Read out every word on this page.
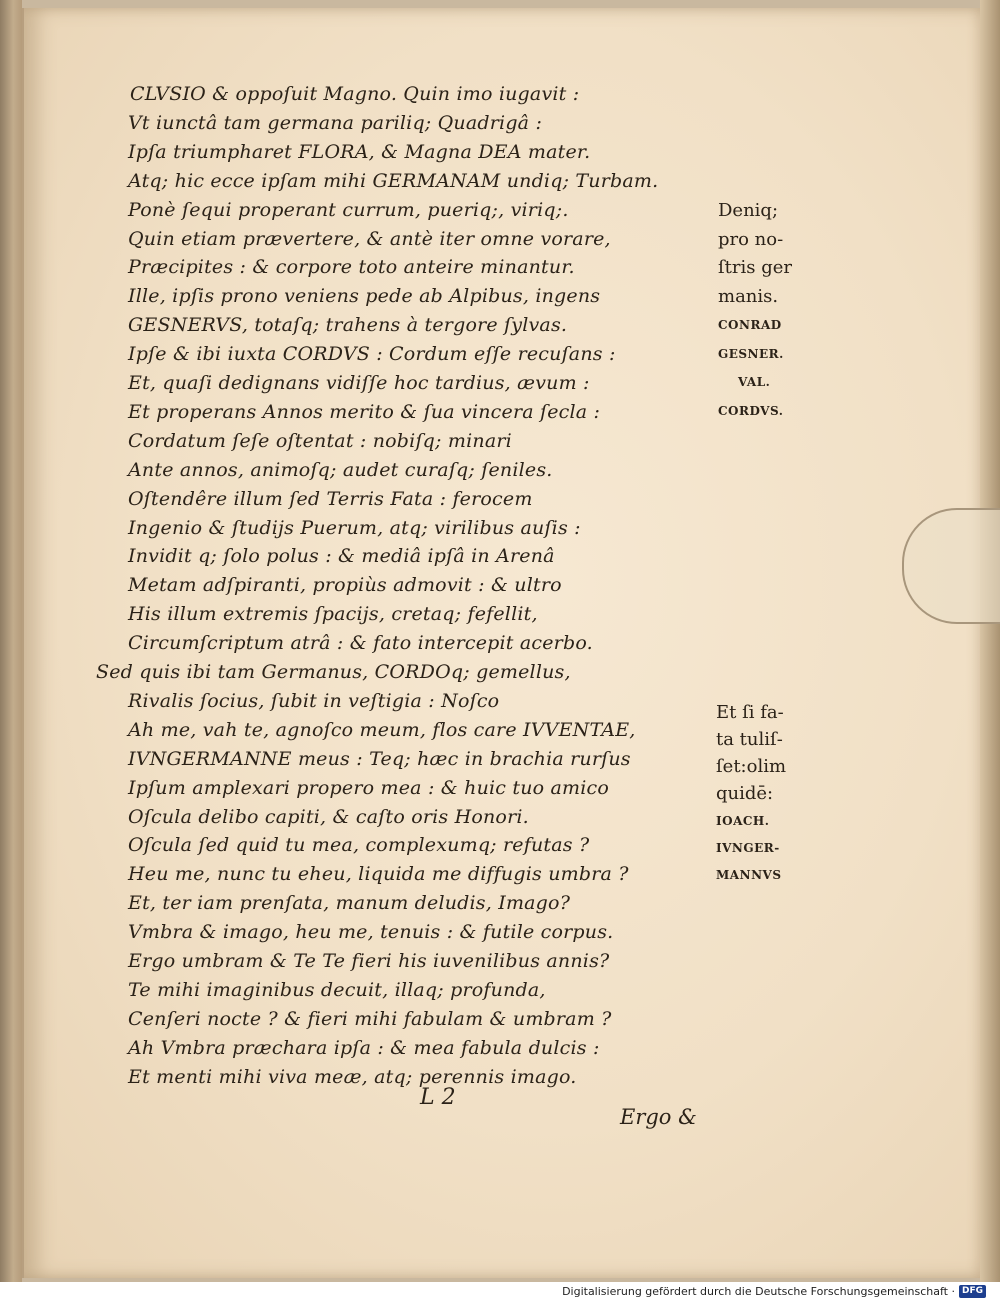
CLVSIO & oppoſuit Magno. Quin imo iugavit :

Vt iunctâ tam germana pariliq; Quadrigâ :

Ipſa triumpharet FLORA, & Magna DEA mater.

Atq; hic ecce ipſam mihi GERMANAM undiq; Turbam.

Ponè ſequi properant currum, pueriq;, viriq;.

Quin etiam prævertere, & antè iter omne vorare,

Præcipites : & corpore toto anteire minantur.

Ille, ipſis prono veniens pede ab Alpibus, ingens

GESNERVS, totaſq; trahens à tergore ſylvas.

Ipſe & ibi iuxta CORDVS : Cordum eſſe recuſans :

Et, quaſi dedignans vidiſſe hoc tardius, ævum :

Et properans Annos merito & ſua vincera ſecla :

Cordatum ſeſe oſtentat : nobiſq; minari

Ante annos, animoſq; audet curaſq; ſeniles.

Oſtendêre illum ſed Terris Fata : ferocem

Ingenio & ſtudijs Puerum, atq; virilibus auſis :

Invidit q; ſolo polus : & mediâ ipſâ in Arenâ

Metam adſpiranti, propiùs admovit : & ultro

His illum extremis ſpacijs, cretaq; fefellit,

Circumſcriptum atrâ : & fato intercepit acerbo.

Sed quis ibi tam Germanus, CORDOq; gemellus,

Rivalis ſocius, ſubit in veſtigia : Noſco

Ah me, vah te, agnoſco meum, flos care IVVENTAE,

IVNGERMANNE meus : Teq; hæc in brachia rurſus

Ipſum amplexari propero mea : & huic tuo amico

Oſcula delibo capiti, & caſto oris Honori.

Oſcula ſed quid tu mea, complexumq; refutas ?

Heu me, nunc tu eheu, liquida me diffugis umbra ?

Et, ter iam prenſata, manum deludis, Imago?

Vmbra & imago, heu me, tenuis : & futile corpus.

Ergo umbram & Te Te fieri his iuvenilibus annis?

Te mihi imaginibus decuit, illaq; profunda,

Cenſeri nocte ? & fieri mihi fabulam & umbram ?

Ah Vmbra præchara ipſa : & mea fabula dulcis :

Et menti mihi viva meæ, atq; perennis imago.

Deniq;

pro no-

ſtris ger

manis.

CONRAD

GESNER.

VAL.

CORDVS.

Et ſi fa-

ta tuliſ-

ſet:olim

quidē:

IOACH.

IVNGER-

MANNVS

L 2

Ergo &

Digitalisierung gefördert durch die Deutsche Forschungsgemeinschaft · DFG
